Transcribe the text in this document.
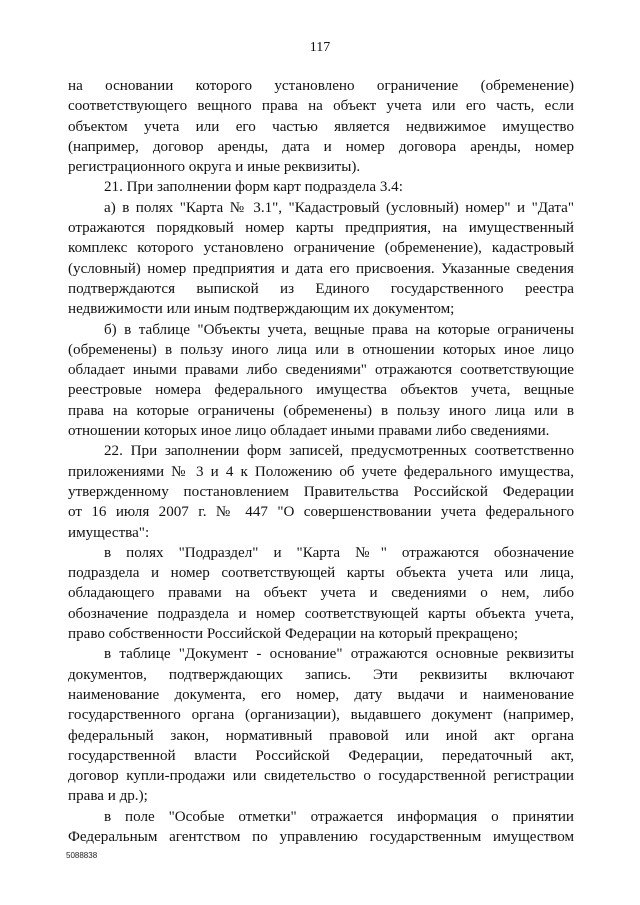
117
на основании которого установлено ограничение (обременение)
соответствующего вещного права на объект учета или его часть, если
объектом учета или его частью является недвижимое имущество
(например, договор аренды, дата и номер договора аренды, номер
регистрационного округа и иные реквизиты).
21. При заполнении форм карт подраздела 3.4:
а) в полях "Карта № 3.1", "Кадастровый (условный) номер" и "Дата"
отражаются порядковый номер карты предприятия, на имущественный
комплекс которого установлено ограничение (обременение), кадастровый
(условный) номер предприятия и дата его присвоения. Указанные сведения
подтверждаются выпиской из Единого государственного реестра
недвижимости или иным подтверждающим их документом;
б) в таблице "Объекты учета, вещные права на которые ограничены
(обременены) в пользу иного лица или в отношении которых иное лицо
обладает иными правами либо сведениями" отражаются соответствующие
реестровые номера федерального имущества объектов учета, вещные
права на которые ограничены (обременены) в пользу иного лица или в
отношении которых иное лицо обладает иными правами либо сведениями.
22. При заполнении форм записей, предусмотренных соответственно
приложениями № 3 и 4 к Положению об учете федерального имущества,
утвержденному постановлением Правительства Российской Федерации
от 16 июля 2007 г. № 447 "О совершенствовании учета федерального
имущества":
в полях "Подраздел" и "Карта №" отражаются обозначение
подраздела и номер соответствующей карты объекта учета или лица,
обладающего правами на объект учета и сведениями о нем, либо
обозначение подраздела и номер соответствующей карты объекта учета,
право собственности Российской Федерации на который прекращено;
в таблице "Документ - основание" отражаются основные реквизиты
документов, подтверждающих запись. Эти реквизиты включают
наименование документа, его номер, дату выдачи и наименование
государственного органа (организации), выдавшего документ (например,
федеральный закон, нормативный правовой или иной акт органа
государственной власти Российской Федерации, передаточный акт,
договор купли-продажи или свидетельство о государственной регистрации
права и др.);
в поле "Особые отметки" отражается информация о принятии
Федеральным агентством по управлению государственным имуществом
5088838
